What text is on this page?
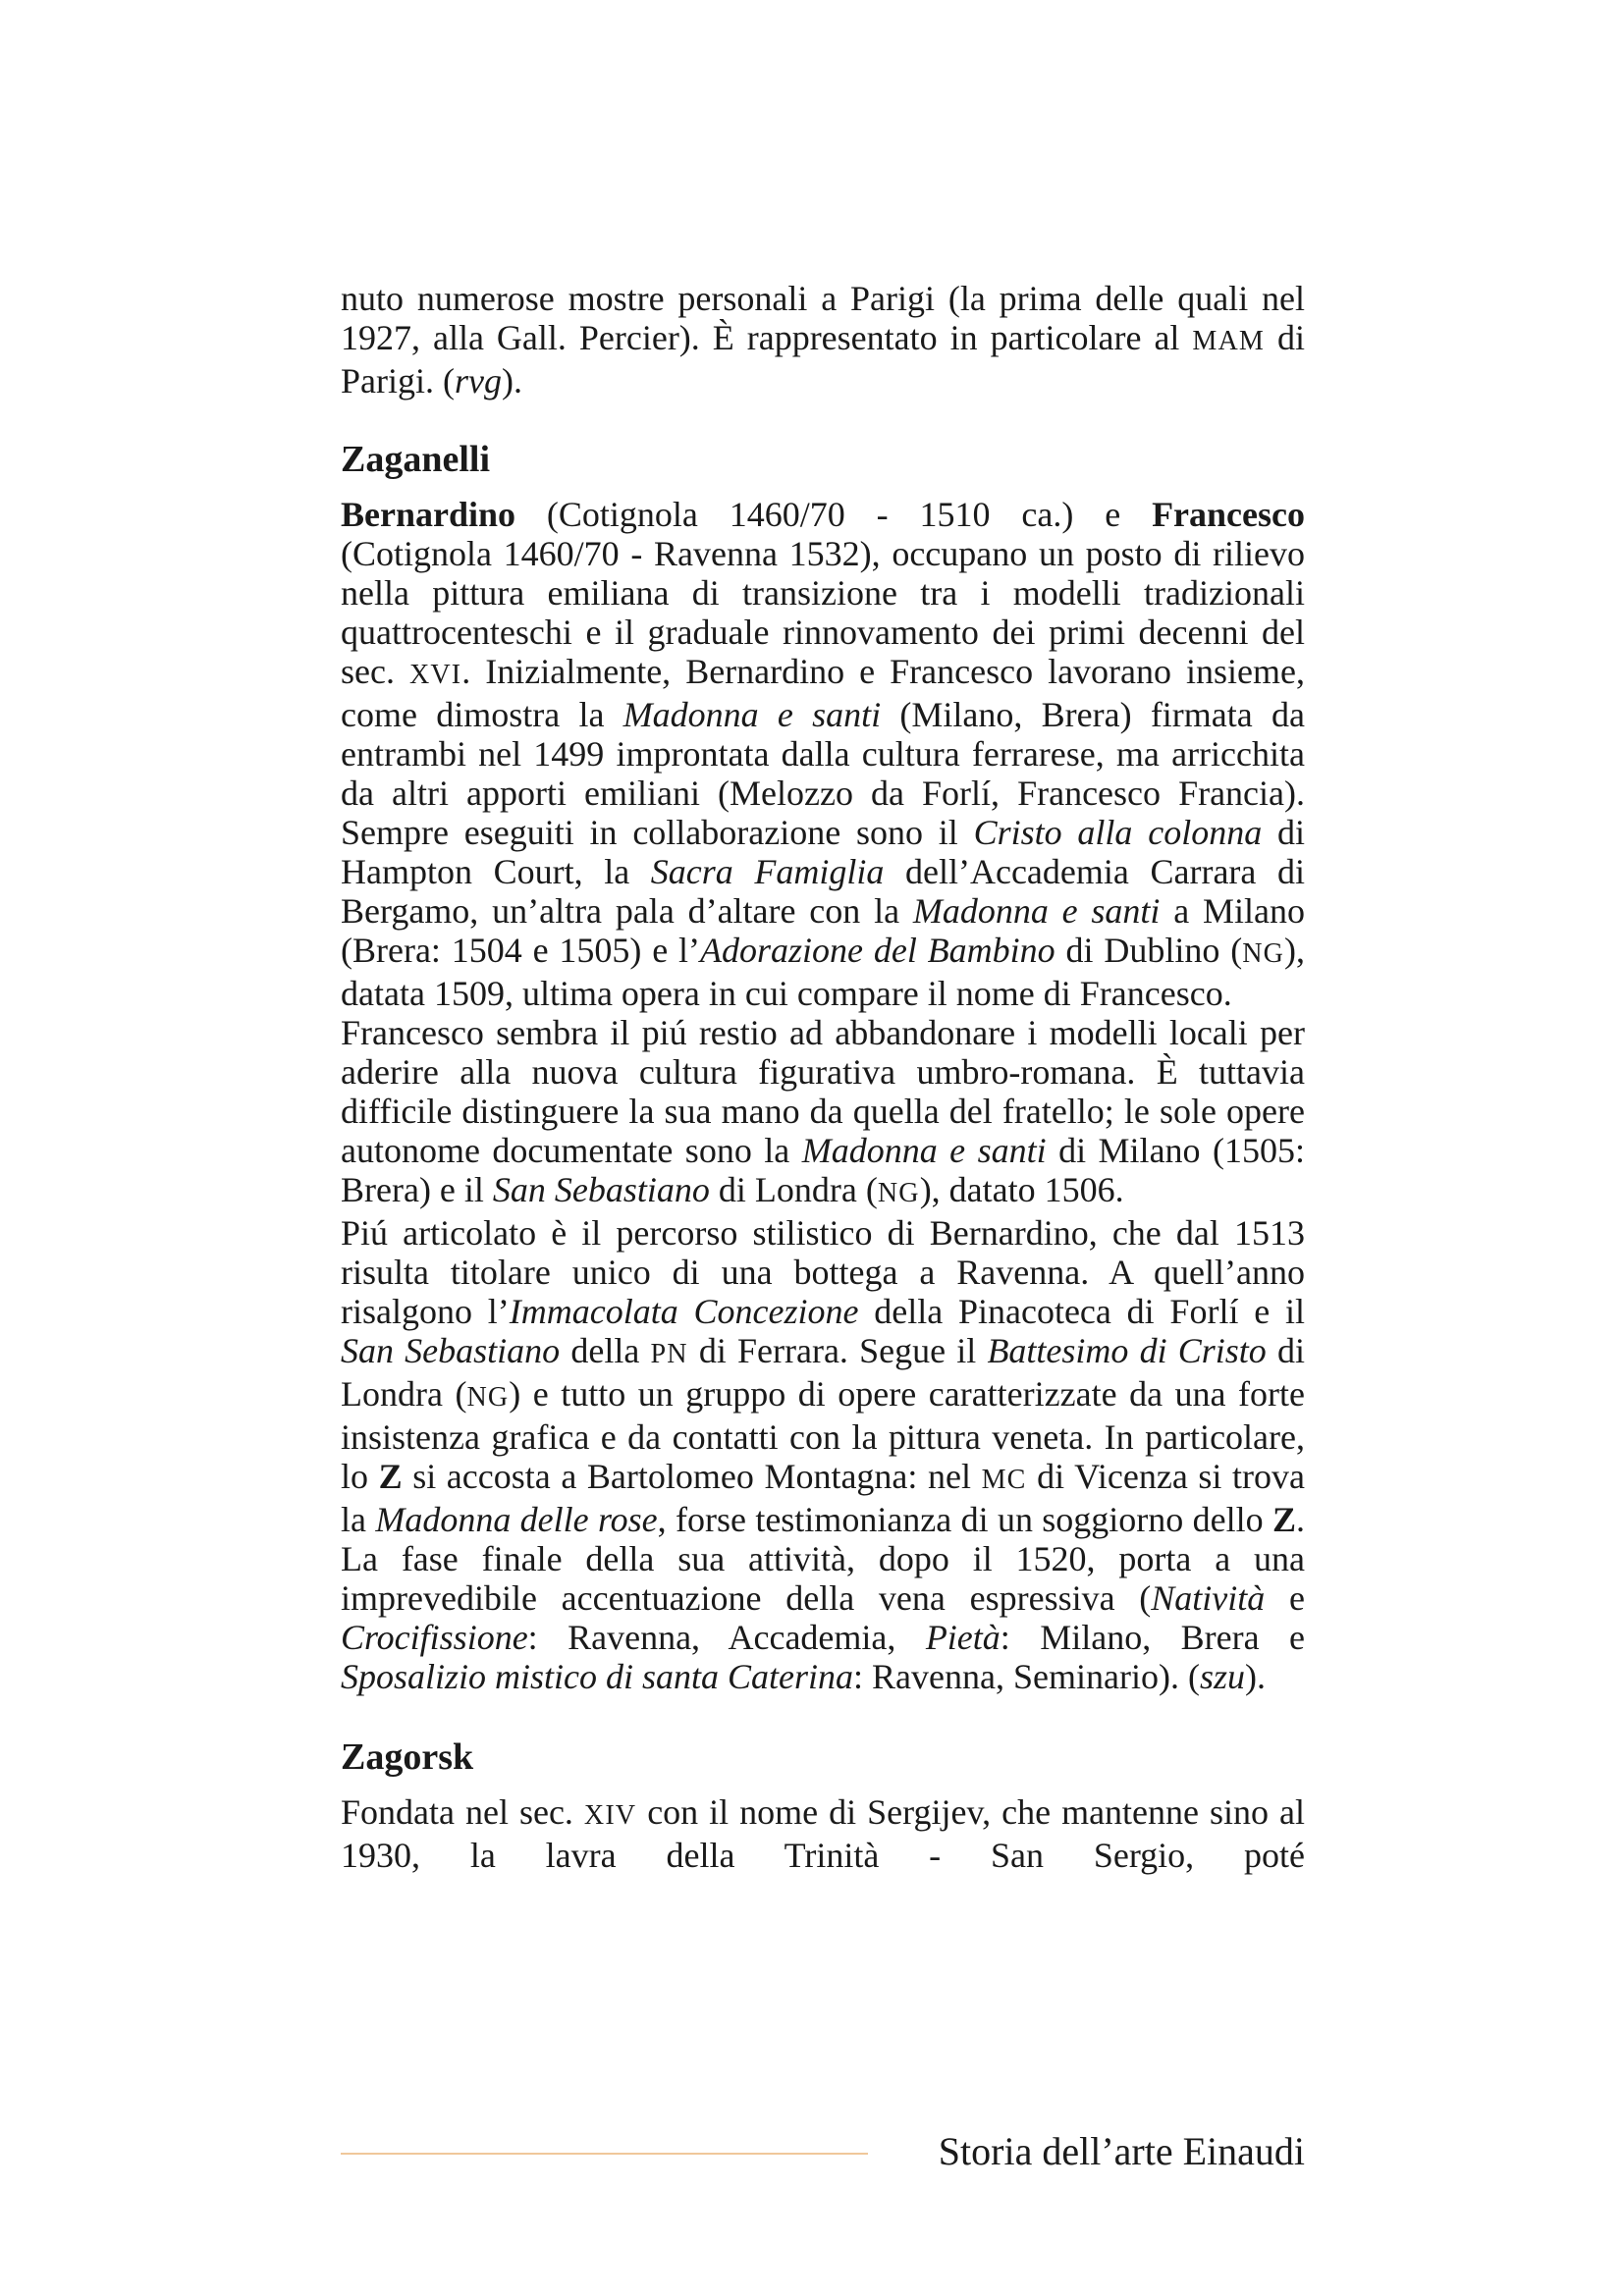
nuto numerose mostre personali a Parigi (la prima delle quali nel 1927, alla Gall. Percier). È rappresentato in particolare al MAM di Parigi. (rvg).

Zaganelli

Bernardino (Cotignola 1460/70 - 1510 ca.) e Francesco (Cotignola 1460/70 - Ravenna 1532), occupano un posto di rilievo nella pittura emiliana di transizione tra i modelli tradizionali quattrocenteschi e il graduale rinnovamento dei primi decenni del sec. XVI. Inizialmente, Bernardino e Francesco lavorano insieme, come dimostra la Madonna e santi (Milano, Brera) firmata da entrambi nel 1499 improntata dalla cultura ferrarese, ma arricchita da altri apporti emiliani (Melozzo da Forlí, Francesco Francia). Sempre eseguiti in collaborazione sono il Cristo alla colonna di Hampton Court, la Sacra Famiglia dell’Accademia Carrara di Bergamo, un’altra pala d’altare con la Madonna e santi a Milano (Brera: 1504 e 1505) e l’Adorazione del Bambino di Dublino (NG), datata 1509, ultima opera in cui compare il nome di Francesco.

Francesco sembra il piú restio ad abbandonare i modelli locali per aderire alla nuova cultura figurativa umbro-romana. È tuttavia difficile distinguere la sua mano da quella del fratello; le sole opere autonome documentate sono la Madonna e santi di Milano (1505: Brera) e il San Sebastiano di Londra (NG), datato 1506.

Piú articolato è il percorso stilistico di Bernardino, che dal 1513 risulta titolare unico di una bottega a Ravenna. A quell’anno risalgono l’Immacolata Concezione della Pinacoteca di Forlí e il San Sebastiano della PN di Ferrara. Segue il Battesimo di Cristo di Londra (NG) e tutto un gruppo di opere caratterizzate da una forte insistenza grafica e da contatti con la pittura veneta. In particolare, lo Z si accosta a Bartolomeo Montagna: nel MC di Vicenza si trova la Madonna delle rose, forse testimonianza di un soggiorno dello Z. La fase finale della sua attività, dopo il 1520, porta a una imprevedibile accentuazione della vena espressiva (Natività e Crocifissione: Ravenna, Accademia, Pietà: Milano, Brera e Sposalizio mistico di santa Caterina: Ravenna, Seminario). (szu).

Zagorsk

Fondata nel sec. XIV con il nome di Sergijev, che mantenne sino al 1930, la lavra della Trinità - San Sergio, poté

Storia dell’arte Einaudi
